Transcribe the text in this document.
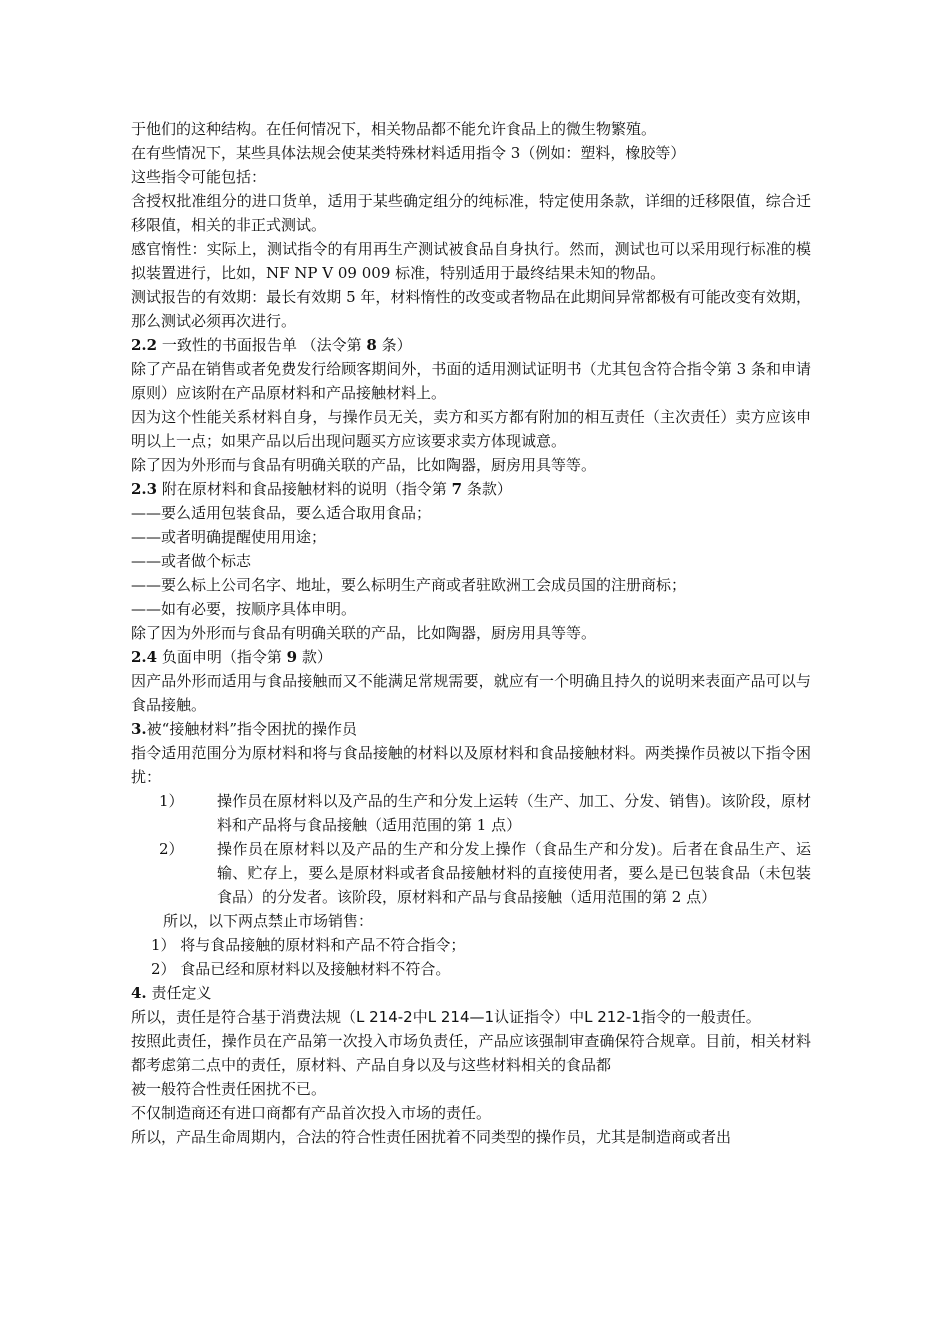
于他们的这种结构。在任何情况下，相关物品都不能允许食品上的微生物繁殖。

在有些情况下，某些具体法规会使某类特殊材料适用指令 3（例如：塑料，橡胶等）

这些指令可能包括：

含授权批准组分的进口货单，适用于某些确定组分的纯标准，特定使用条款，详细的迁移限值，综合迁移限值，相关的非正式测试。

感官惰性：实际上，测试指令的有用再生产测试被食品自身执行。然而，测试也可以采用现行标准的模拟装置进行，比如，NF NP V 09 009 标准，特别适用于最终结果未知的物品。

测试报告的有效期：最长有效期 5 年，材料惰性的改变或者物品在此期间异常都极有可能改变有效期，那么测试必须再次进行。

2.2 一致性的书面报告单 （法令第 8 条）

除了产品在销售或者免费发行给顾客期间外，书面的适用测试证明书（尤其包含符合指令第 3 条和申请原则）应该附在产品原材料和产品接触材料上。

因为这个性能关系材料自身，与操作员无关，卖方和买方都有附加的相互责任（主次责任）卖方应该申明以上一点；如果产品以后出现问题买方应该要求卖方体现诚意。

除了因为外形而与食品有明确关联的产品，比如陶器，厨房用具等等。

2.3 附在原材料和食品接触材料的说明（指令第 7 条款）

——要么适用包装食品，要么适合取用食品；

——或者明确提醒使用用途；

——或者做个标志

——要么标上公司名字、地址，要么标明生产商或者驻欧洲工会成员国的注册商标；

——如有必要，按顺序具体申明。

除了因为外形而与食品有明确关联的产品，比如陶器，厨房用具等等。

2.4 负面申明（指令第 9 款）

因产品外形而适用与食品接触而又不能满足常规需要，就应有一个明确且持久的说明来表面产品可以与食品接触。

3.被“接触材料”指令困扰的操作员

指令适用范围分为原材料和将与食品接触的材料以及原材料和食品接触材料。两类操作员被以下指令困扰：

1） 操作员在原材料以及产品的生产和分发上运转（生产、加工、分发、销售)。该阶段，原材料和产品将与食品接触（适用范围的第 1 点）
2） 操作员在原材料以及产品的生产和分发上操作（食品生产和分发)。后者在食品生产、运输、贮存上，要么是原材料或者食品接触材料的直接使用者，要么是已包装食品（未包装食品）的分发者。该阶段，原材料和产品与食品接触（适用范围的第 2 点）

所以，以下两点禁止市场销售：

1） 将与食品接触的原材料和产品不符合指令；

2） 食品已经和原材料以及接触材料不符合。

4. 责任定义

所以，责任是符合基于消费法规（L 214-2中L 214—1认证指令）中L 212-1指令的一般责任。

按照此责任，操作员在产品第一次投入市场负责任，产品应该强制审查确保符合规章。目前，相关材料都考虑第二点中的责任，原材料、产品自身以及与这些材料相关的食品都

被一般符合性责任困扰不已。

不仅制造商还有进口商都有产品首次投入市场的责任。

所以，产品生命周期内，合法的符合性责任困扰着不同类型的操作员，尤其是制造商或者出
